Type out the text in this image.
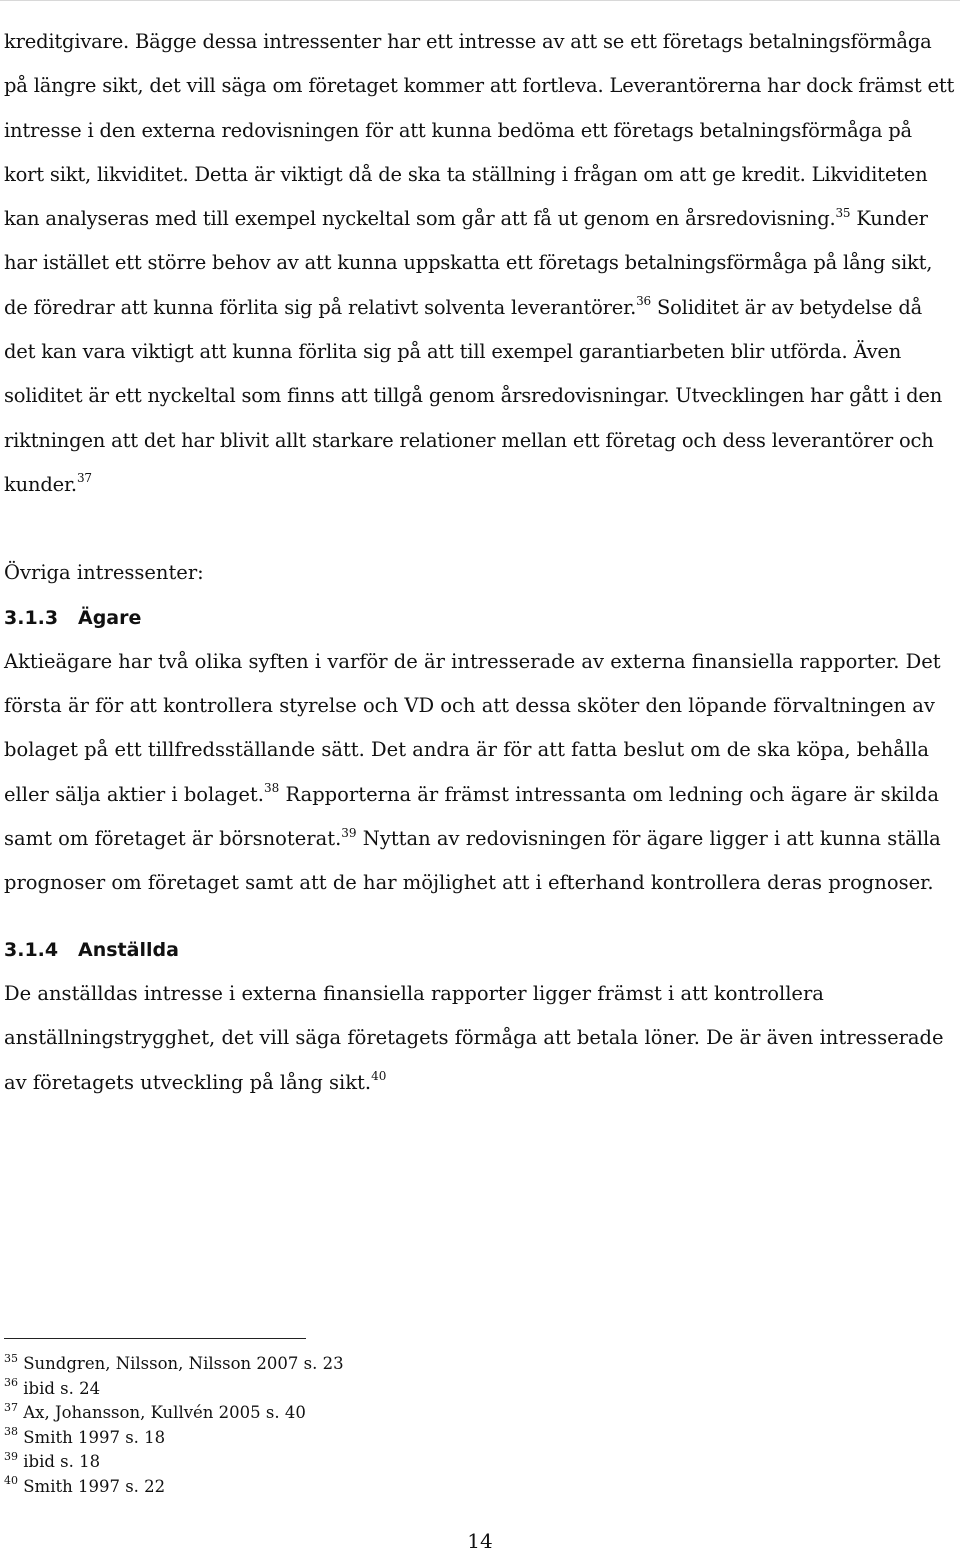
kreditgivare. Bägge dessa intressenter har ett intresse av att se ett företags betalningsförmåga på längre sikt, det vill säga om företaget kommer att fortleva. Leverantörerna har dock främst ett intresse i den externa redovisningen för att kunna bedöma ett företags betalningsförmåga på kort sikt, likviditet. Detta är viktigt då de ska ta ställning i frågan om att ge kredit. Likviditeten kan analyseras med till exempel nyckeltal som går att få ut genom en årsredovisning.$^{35}$ Kunder har istället ett större behov av att kunna uppskatta ett företags betalningsförmåga på lång sikt, de föredrar att kunna förlita sig på relativt solventa leverantörer.$^{36}$ Soliditet är av betydelse då det kan vara viktigt att kunna förlita sig på att till exempel garantiarbeten blir utförda. Även soliditet är ett nyckeltal som finns att tillgå genom årsredovisningar. Utvecklingen har gått i den riktningen att det har blivit allt starkare relationer mellan ett företag och dess leverantörer och kunder.$^{37}$

Övriga intressenter:

3.1.3 Ägare

Aktieägare har två olika syften i varför de är intresserade av externa finansiella rapporter. Det första är för att kontrollera styrelse och VD och att dessa sköter den löpande förvaltningen av bolaget på ett tillfredsställande sätt. Det andra är för att fatta beslut om de ska köpa, behålla eller sälja aktier i bolaget.$^{38}$ Rapporterna är främst intressanta om ledning och ägare är skilda samt om företaget är börsnoterat.$^{39}$ Nyttan av redovisningen för ägare ligger i att kunna ställa prognoser om företaget samt att de har möjlighet att i efterhand kontrollera deras prognoser.

3.1.4 Anställda

De anställdas intresse i externa finansiella rapporter ligger främst i att kontrollera anställningstrygghet, det vill säga företagets förmåga att betala löner. De är även intresserade av företagets utveckling på lång sikt.$^{40}$

$^{35}$ Sundgren, Nilsson, Nilsson 2007 s. 23

$^{36}$ ibid s. 24

$^{37}$ Ax, Johansson, Kullvén 2005 s. 40

$^{38}$ Smith 1997 s. 18

$^{39}$ ibid s. 18

$^{40}$ Smith 1997 s. 22

14
